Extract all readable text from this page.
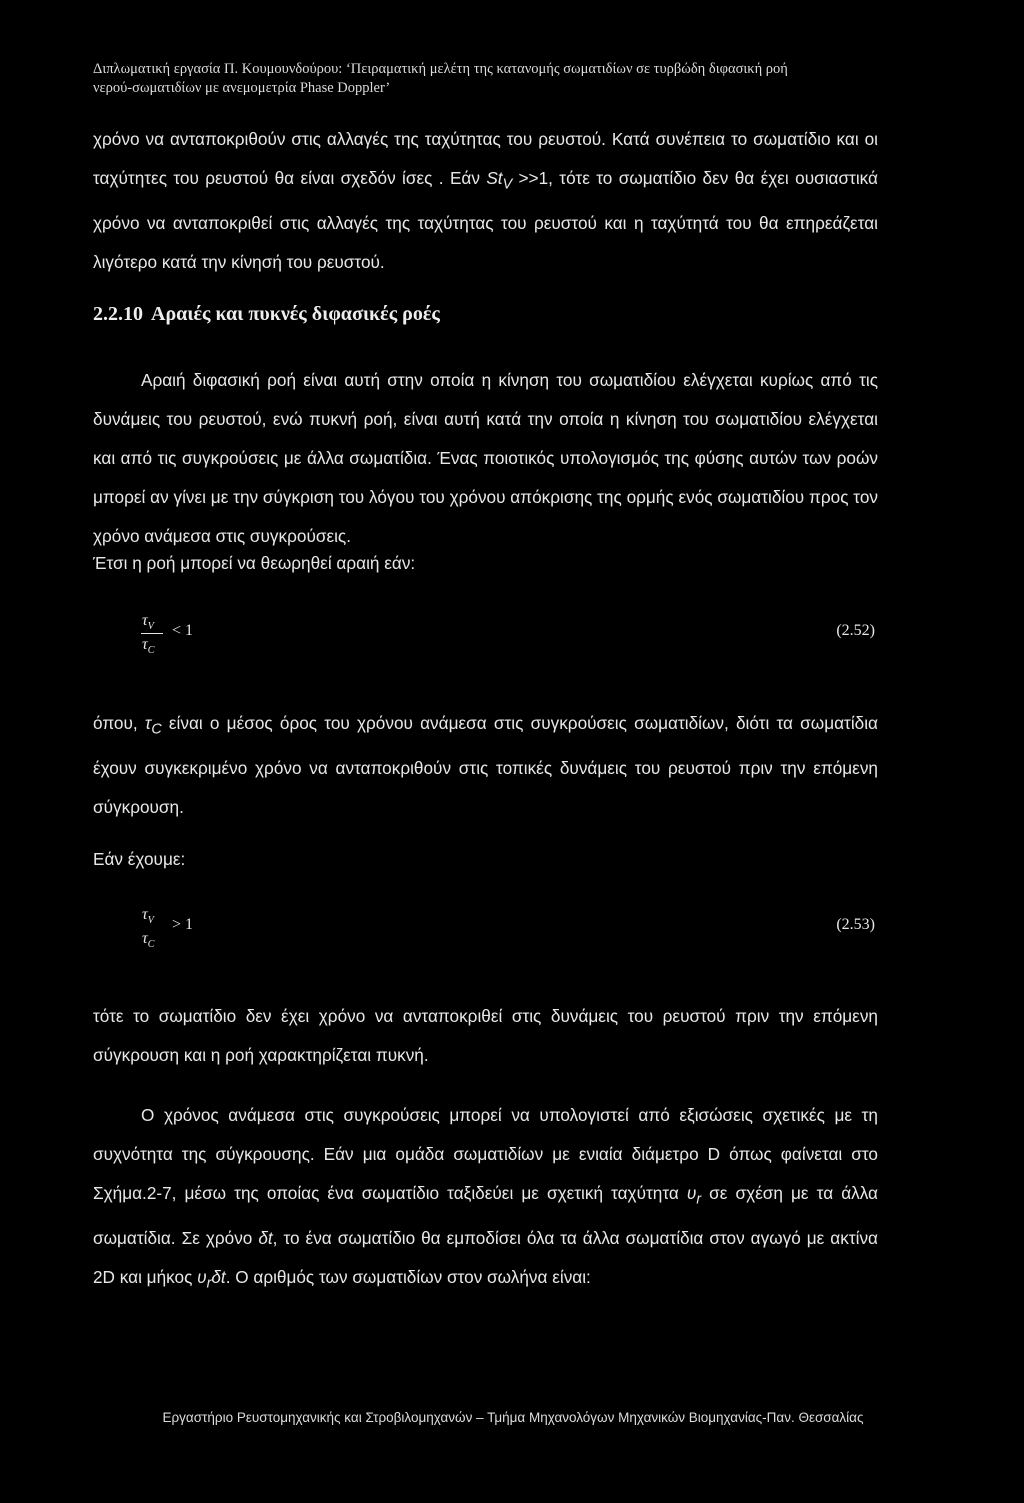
Διπλωματική εργασία Π. Κουμουνδούρου: ‘Πειραματική μελέτη της κατανομής σωματιδίων σε τυρβώδη διφασική ροή
νερού-σωματιδίων με ανεμομετρία Phase Doppler’
χρόνο να ανταποκριθούν στις αλλαγές της ταχύτητας του ρευστού. Κατά συνέπεια το σωματίδιο και οι ταχύτητες του ρευστού θα είναι σχεδόν ίσες . Εάν $St_V >>1$, τότε το σωματίδιο δεν θα έχει ουσιαστικά χρόνο να ανταποκριθεί στις αλλαγές της ταχύτητας του ρευστού και η ταχύτητά του θα επηρεάζεται λιγότερο κατά την κίνησή του ρευστού.
2.2.10 Αραιές και πυκνές διφασικές ροές
Αραιή διφασική ροή είναι αυτή στην οποία η κίνηση του σωματιδίου ελέγχεται κυρίως από τις δυνάμεις του ρευστού, ενώ πυκνή ροή, είναι αυτή κατά την οποία η κίνηση του σωματιδίου ελέγχεται και από τις συγκρούσεις με άλλα σωματίδια. Ένας ποιοτικός υπολογισμός της φύσης αυτών των ροών μπορεί αν γίνει με την σύγκριση του λόγου του χρόνου απόκρισης της ορμής ενός σωματιδίου προς τον χρόνο ανάμεσα στις συγκρούσεις.
Έτσι η ροή μπορεί να θεωρηθεί αραιή εάν:
$\tau_V$
$\tau_C$
< 1	(2.52)
όπου, $\tau_C$ είναι ο μέσος όρος του χρόνου ανάμεσα στις συγκρούσεις σωματιδίων, διότι τα σωματίδια έχουν συγκεκριμένο χρόνο να ανταποκριθούν στις τοπικές δυνάμεις του ρευστού πριν την επόμενη σύγκρουση.
Εάν έχουμε:
$\tau_V$
$\tau_C$
> 1	(2.53)
τότε το σωματίδιο δεν έχει χρόνο να ανταποκριθεί στις δυνάμεις του ρευστού πριν την επόμενη σύγκρουση και η ροή χαρακτηρίζεται πυκνή.
Ο χρόνος ανάμεσα στις συγκρούσεις μπορεί να υπολογιστεί από εξισώσεις σχετικές με τη συχνότητα της σύγκρουσης. Εάν μια ομάδα σωματιδίων με ενιαία διάμετρο D όπως φαίνεται στο Σχήμα.2-7, μέσω της οποίας ένα σωματίδιο ταξιδεύει με σχετική ταχύτητα $\upsilon_r$ σε σχέση με τα άλλα σωματίδια. Σε χρόνο δt, το ένα σωματίδιο θα εμποδίσει όλα τα άλλα σωματίδια στον αγωγό με ακτίνα 2D και μήκος $\upsilon_r\delta t$. Ο αριθμός των σωματιδίων στον σωλήνα είναι:
Εργαστήριο Ρευστομηχανικής και Στροβιλομηχανών – Τμήμα Μηχανολόγων Μηχανικών Βιομηχανίας-Παν. Θεσσαλίας
